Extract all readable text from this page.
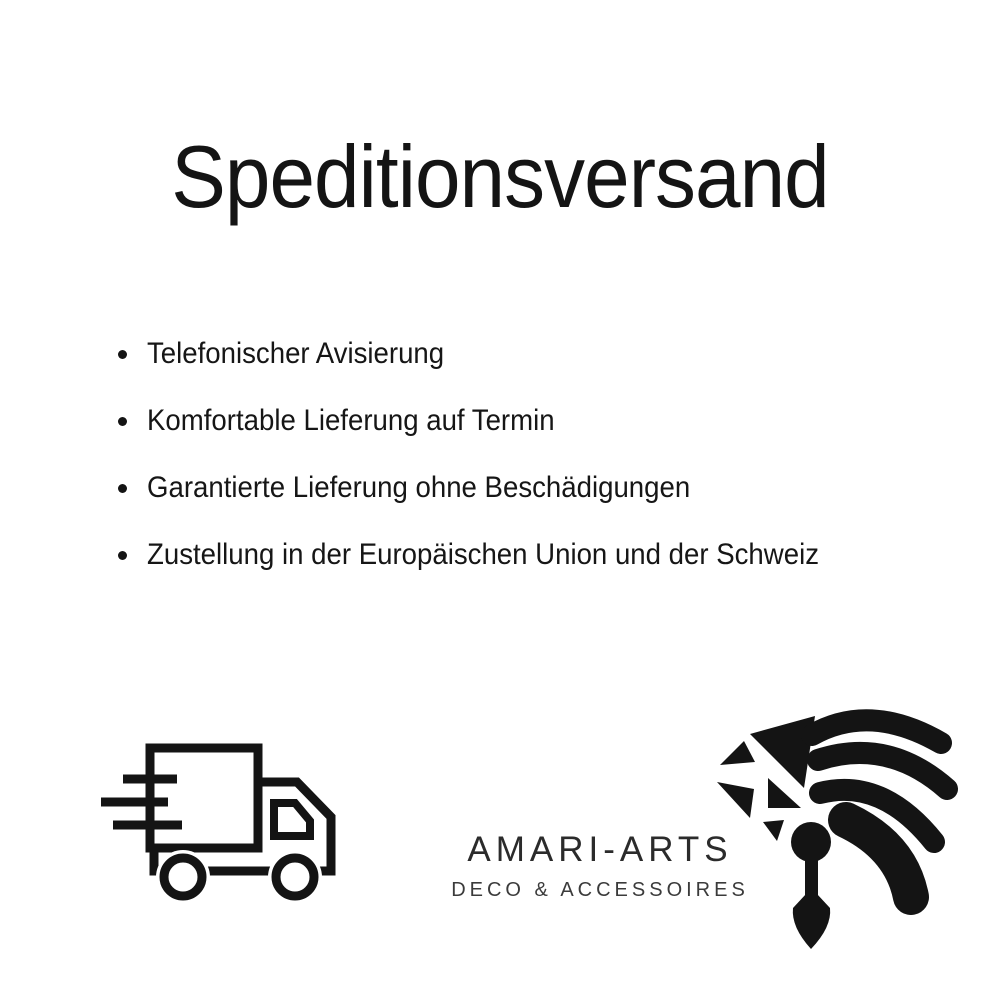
Speditionsversand
Telefonischer Avisierung
Komfortable Lieferung auf Termin
Garantierte Lieferung ohne Beschädigungen
Zustellung in der Europäischen Union und der Schweiz
AMARI-ARTS
DECO & ACCESSOIRES
